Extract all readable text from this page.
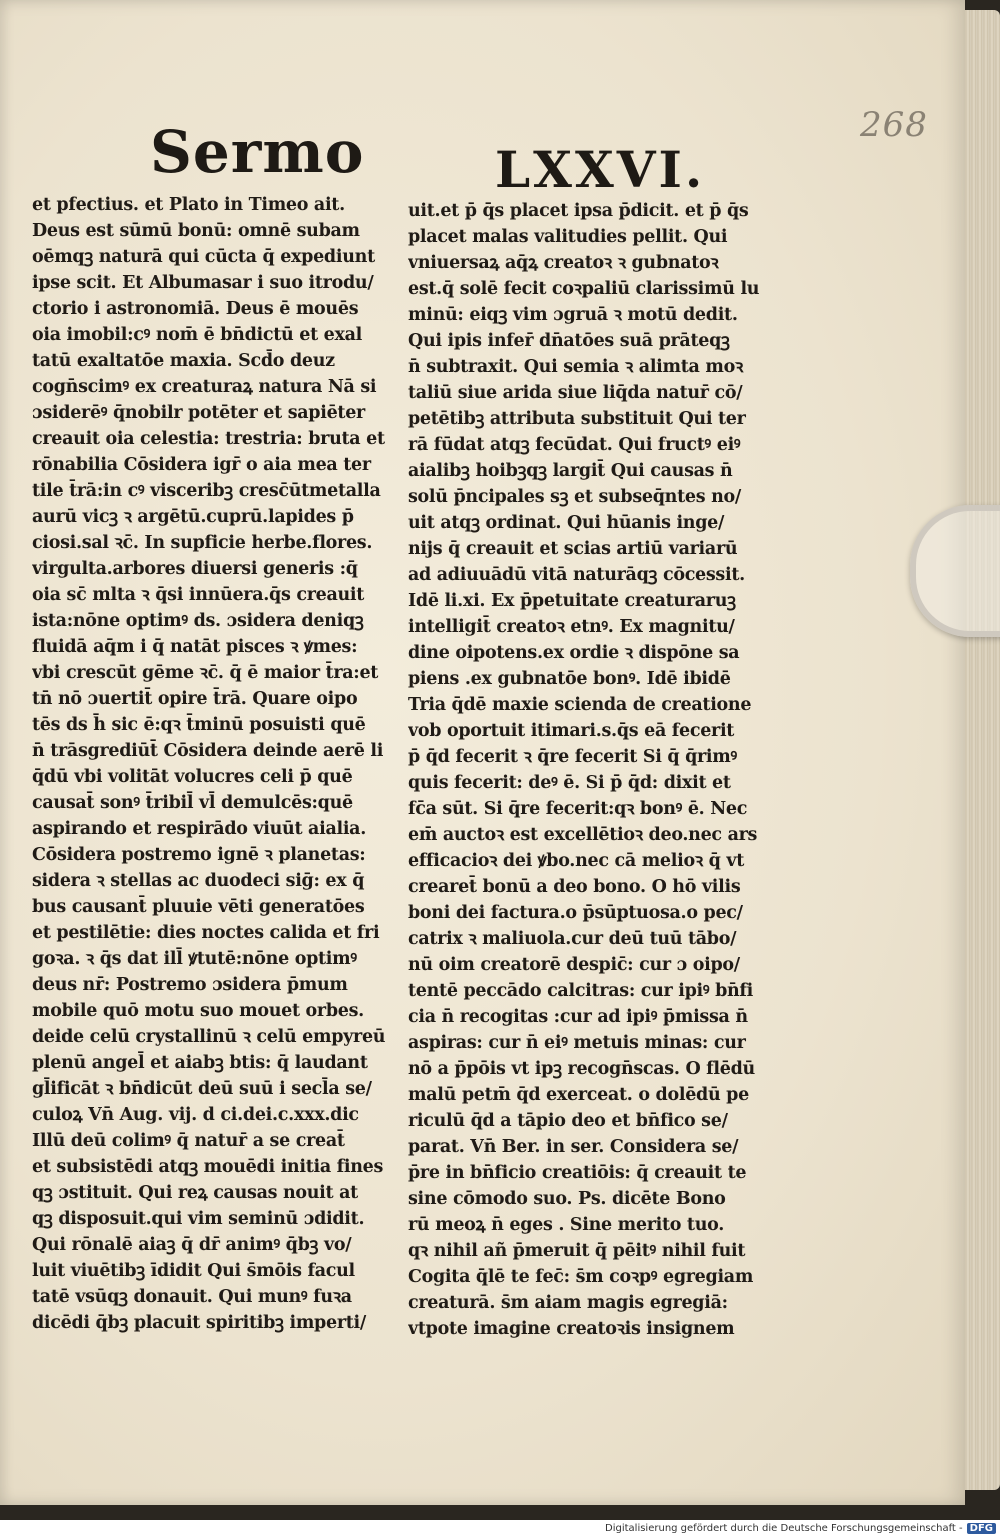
268
Sermo	LXXVI.
et pfectius. et Plato in Timeo ait.
Deus est sūmū bonū: omnē subam
oēmqꝫ naturā qui cūcta q̄ expediunt
ipse scit. Et Albumasar i suo itrodu/
ctorio i astronomiā. Deus ē mouēs
oia imobil:cꝰ nom̄ ē bn̄dictū et exal
tatū exaltatōe maxia. Scd̄o deuz
cogn̄scimꝰ ex creaturaꝝ natura Nā si
ɔsiderēꝰ q̄nobilr potēter et sapiēter
creauit oia celestia: trestria: bruta et
rōnabilia Cōsidera igr̄ o aia mea ter
tile t̄rā:in cꝰ visceribꝫ cresc̄ūtmetalla
aurū vicꝫ ꝛ argētū.cuprū.lapides p̄
ciosi.sal ꝛc̄. In supficie herbe.flores.
virgulta.arbores diuersi generis :q̄
oia sc̄ mlta ꝛ q̄si innūera.q̄s creauit
ista:nōne optimꝰ ds. ɔsidera deniqꝫ
fluidā aq̄m i q̄ natāt pisces ꝛ ꝟmes:
vbi crescūt gēme ꝛc̄. q̄ ē maior t̄ra:et
tn̄ nō ɔuertit̄ opire t̄rā. Quare oipo
tēs ds h̄ sic ē:qꝛ t̄minū posuisti quē
n̄ trāsgrediūt̄ Cōsidera deinde aerē li
q̄dū vbi volitāt volucres celi p̄ quē
causat̄ sonꝰ t̄ribil̄ vl̄ demulcēs:quē
aspirando et respirādo viuūt aialia.
Cōsidera postremo ignē ꝛ planetas:
sidera ꝛ stellas ac duodeci siḡ: ex q̄
bus causant̄ pluuie vēti generatōes
et pestilētie: dies noctes calida et fri
goꝛa. ꝛ q̄s dat ill̄ ꝟtutē:nōne optimꝰ
deus nr̄: Postremo ɔsidera p̄mum
mobile quō motu suo mouet orbes.
deide celū crystallinū ꝛ celū empyreū
plenū angel̄ et aiabꝫ btis: q̄ laudant
gl̄ificāt ꝛ bn̄dicūt deū suū i secl̄a se/
culoꝝ Vn̄ Aug. vij. d ci.dei.c.xxx.dic
Illū deū colimꝰ q̄ natur̄ a se creat̄
et subsistēdi atqꝫ mouēdi initia fines
qꝫ ɔstituit. Qui reꝝ causas nouit at
qꝫ disposuit.qui vim seminū ɔdidit.
Qui rōnalē aiaꝫ q̄ dr̄ animꝰ q̄bꝫ vo/
luit viuētibꝫ īdidit Qui s̄mōis facul
tatē vsūqꝫ donauit. Qui munꝰ fuꝛa
dicēdi q̄bꝫ placuit spiritibꝫ imperti/
uit.et p̄ q̄s placet ipsa p̄dicit. et p̄ q̄s
placet malas valitudies pellit. Qui
vniuersaꝝ aq̄ꝝ creatoꝛ ꝛ gubnatoꝛ
est.q̄ solē fecit coꝛpaliū clarissimū lu
minū: eiqꝫ vim ɔgruā ꝛ motū dedit.
Qui ipis infer̄ dn̄atōes suā prāteqꝫ
n̄ subtraxit. Qui semia ꝛ alimta moꝛ
taliū siue arida siue liq̄da natur̄ cō/
petētibꝫ attributa substituit Qui ter
rā fūdat atqꝫ fecūdat. Qui fructꝰ eiꝰ
aialibꝫ hoibꝫqꝫ largit̄ Qui causas n̄
solū p̄ncipales sꝫ et subseq̄ntes no/
uit atqꝫ ordinat. Qui hūanis inge/
nijs q̄ creauit et scias artiū variarū
ad adiuuādū vitā naturāqꝫ cōcessit.
Idē li.xi. Ex p̄petuitate creaturaruꝫ
intelligit̄ creatoꝛ etnꝰ. Ex magnitu/
dine oipotens.ex ordie ꝛ dispōne sa
piens .ex gubnatōe bonꝰ. Idē ibidē
Tria q̄dē maxie scienda de creatione
vob oportuit itimari.s.q̄s eā fecerit
p̄ q̄d fecerit ꝛ q̄re fecerit Si q̄ q̄rimꝰ
quis fecerit: deꝰ ē. Si p̄ q̄d: dixit et
fc̄a sūt. Si q̄re fecerit:qꝛ bonꝰ ē. Nec
em̄ auctoꝛ est excellētioꝛ deo.nec ars
efficacioꝛ dei ꝟbo.nec cā melioꝛ q̄ vt
crearet̄ bonū a deo bono. O hō vilis
boni dei factura.o p̄sūptuosa.o pec/
catrix ꝛ maliuola.cur deū tuū tābo/
nū oim creatorē despic̄: cur ɔ oipo/
tentē peccādo calcitras: cur ipiꝰ bn̄fi
cia n̄ recogitas :cur ad ipiꝰ p̄missa n̄
aspiras: cur n̄ eiꝰ metuis minas: cur
nō a p̄pōis vt ipꝫ recogn̄scas. O flēdū
malū petm̄ q̄d exerceat. o dolēdū pe
riculū q̄d a tāpio deo et bn̄fico se/
parat. Vn̄ Ber. in ser. Considera se/
p̄re in bn̄ficio creatiōis: q̄ creauit te
sine cōmodo suo. Ps. dicēte Bono
rū meoꝝ n̄ eges . Sine merito tuo.
qꝛ nihil añ p̄meruit q̄ pēitꝰ nihil fuit
Cogita q̄lē te fec̄: s̄m coꝛpꝰ egregiam
creaturā. s̄m aiam magis egregiā:
vtpote imagine creatoꝛis insignem
Digitalisierung gefördert durch die Deutsche Forschungsgemeinschaft - DFG
